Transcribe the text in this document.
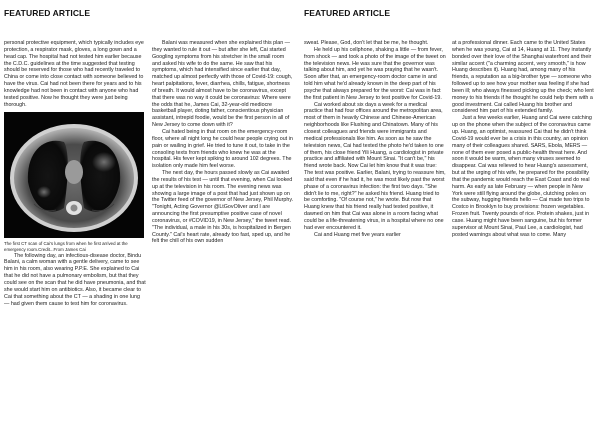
FEATURED ARTICLE

personal protective equipment, which typically includes eye protection, a respirator mask, gloves, a long gown and a head cap. The hospital had not tested him earlier because the C.D.C. guidelines at the time suggested that testing should be reserved for those who had recently traveled to China or come into close contact with someone believed to have the virus. Cai had not been there for years and to his knowledge had not been in contact with anyone who had tested positive. Now he thought they were just being thorough.

The first CT scan of Cai's lungs from when he first arrived at the emergency room.Credit...From James Cai

The following day, an infectious-disease doctor, Bindu Balani, a calm woman with a gentle delivery, came to see him in his room, also wearing P.P.E. She explained to Cai that he did not have a pulmonary embolism, but that they could see on the scan that he did have pneumonia, and that she would start him on antibiotics. Also, it became clear to Cai that something about the CT — a shading in one lung — had given them cause to test him for coronavirus.

Balani was measured when she explained this plan — they wanted to rule it out — but after she left, Cai started Googling symptoms from his stretcher in the small room and asked his wife to do the same. He saw that his symptoms, which had intensified since earlier that day, matched up almost perfectly with those of Covid-19: cough, heart palpitations, fever, diarrhea, chills, fatigue, shortness of breath. It would almost have to be coronavirus, except that there was no way it could be coronavirus: Where were the odds that he, James Cai, 32-year-old mediocre basketball player, doting father, conscientious physician assistant, intrepid foodie, would be the first person in all of New Jersey to come down with it?

Cai hated being in that room on the emergency-room floor, where all night long he could hear people crying out in pain or wailing in grief. He tried to tune it out, to take in the consoling texts from friends who knew he was at the hospital. His fever kept spiking to around 102 degrees. The isolation only made him feel worse.

The next day, the hours passed slowly as Cai awaited the results of his test — until that evening, when Cai looked up at the television in his room. The evening news was showing a large image of a post that had just shown up on the Twitter feed of the governor of New Jersey, Phil Murphy. "Tonight, Acting Governor @LtGovOliver and I are announcing the first presumptive positive case of novel coronavirus, or #COVID19, in New Jersey," the tweet read. "The individual, a male in his 30s, is hospitalized in Bergen County." Cai's heart rate, already too fast, sped up, and he felt the chill of his own sudden

FEATURED ARTICLE

sweat. Please, God, don't let that be me, he thought.

He held up his cellphone, shaking a little — from fever, from shock — and took a photo of the image of the tweet on the television news. He was sure that the governor was talking about him, and yet he was praying that he wasn't. Soon after that, an emergency-room doctor came in and told him what he'd already known in the deep part of his psyche that always prepared for the worst: Cai was in fact the first patient in New Jersey to test positive for Covid-19.

Cai worked about six days a week for a medical practice that had four offices around the metropolitan area, most of them in heavily Chinese and Chinese-American neighborhoods like Flushing and Chinatown. Many of his closest colleagues and friends were immigrants and medical professionals like him. As soon as he saw the television news, Cai had texted the photo he'd taken to one of them, his close friend Yili Huang, a cardiologist in private practice and affiliated with Mount Sinai. "It can't be," his friend wrote back. Now Cai let him know that it was true: The test was positive. Earlier, Balani, trying to reassure him, said that even if he had it, he was most likely past the worst phase of a coronavirus infection: the first two days. "She didn't lie to me, right?" he asked his friend. Huang tried to be comforting. "Of course not," he wrote. But now that Huang knew that his friend really had tested positive, it dawned on him that Cai was alone in a room facing what could be a life-threatening virus, in a hospital where no one had ever encountered it.

Cai and Huang met five years earlier

at a professional dinner. Each came to the United States when he was young, Cai at 14, Huang at 11. They instantly bonded over their love of the Shanghai waterfront and their similar accent ("a charming accent, very smooth," is how Huang describes it). Huang had, among many of his friends, a reputation as a big-brother type — someone who followed up to see how your mother was feeling if she had been ill; who always finessed picking up the check; who lent money to his friends if he thought he could help them with a good investment. Cai called Huang his brother and considered him part of his extended family.

Just a few weeks earlier, Huang and Cai were catching up on the phone when the subject of the coronavirus came up. Huang, an optimist, reassured Cai that he didn't think Covid-19 would ever be a crisis in this country, an opinion many of their colleagues shared. SARS, Ebola, MERS — none of them ever posed a public-health threat here. And soon it would be warm, when many viruses seemed to disappear. Cai was relieved to hear Huang's assessment, but at the urging of his wife, he prepared for the possibility that the pandemic would reach the East Coast and do real harm. As early as late February — when people in New York were still flying around the globe, clutching poles on the subway, hugging friends hello — Cai made two trips to Costco in Brooklyn to buy provisions: frozen vegetables. Frozen fruit. Twenty pounds of rice. Protein shakes, just in case. Huang might have been sanguine, but his former supervisor at Mount Sinai, Paul Lee, a cardiologist, had posted warnings about what was to come. Many
